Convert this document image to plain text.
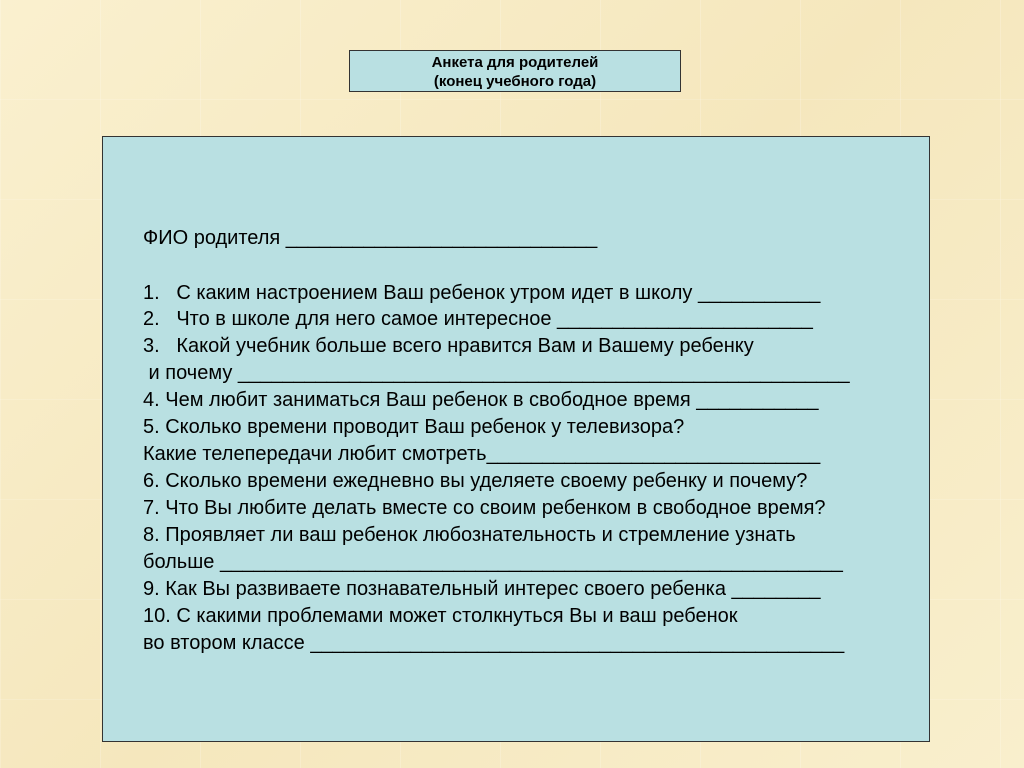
Анкета для родителей
(конец учебного года)
ФИО родителя ____________________________
1.   С каким настроением Ваш ребенок утром идет в школу ___________
2.   Что в школе для него самое интересное _______________________
3.   Какой учебник больше всего нравится Вам и Вашему ребенку
и почему _______________________________________________________
4. Чем любит заниматься Ваш ребенок в свободное время ___________
5. Сколько времени проводит Ваш ребенок у телевизора?
Какие телепередачи любит смотреть______________________________
6. Сколько времени ежедневно вы уделяете своему ребенку и почему?
7. Что Вы любите делать вместе со своим ребенком в свободное время?
8. Проявляет ли ваш ребенок любознательность и стремление узнать
больше ________________________________________________________
9. Как Вы развиваете познавательный интерес своего ребенка ________
10. С какими проблемами может столкнуться Вы и ваш ребенок
во втором классе ________________________________________________
